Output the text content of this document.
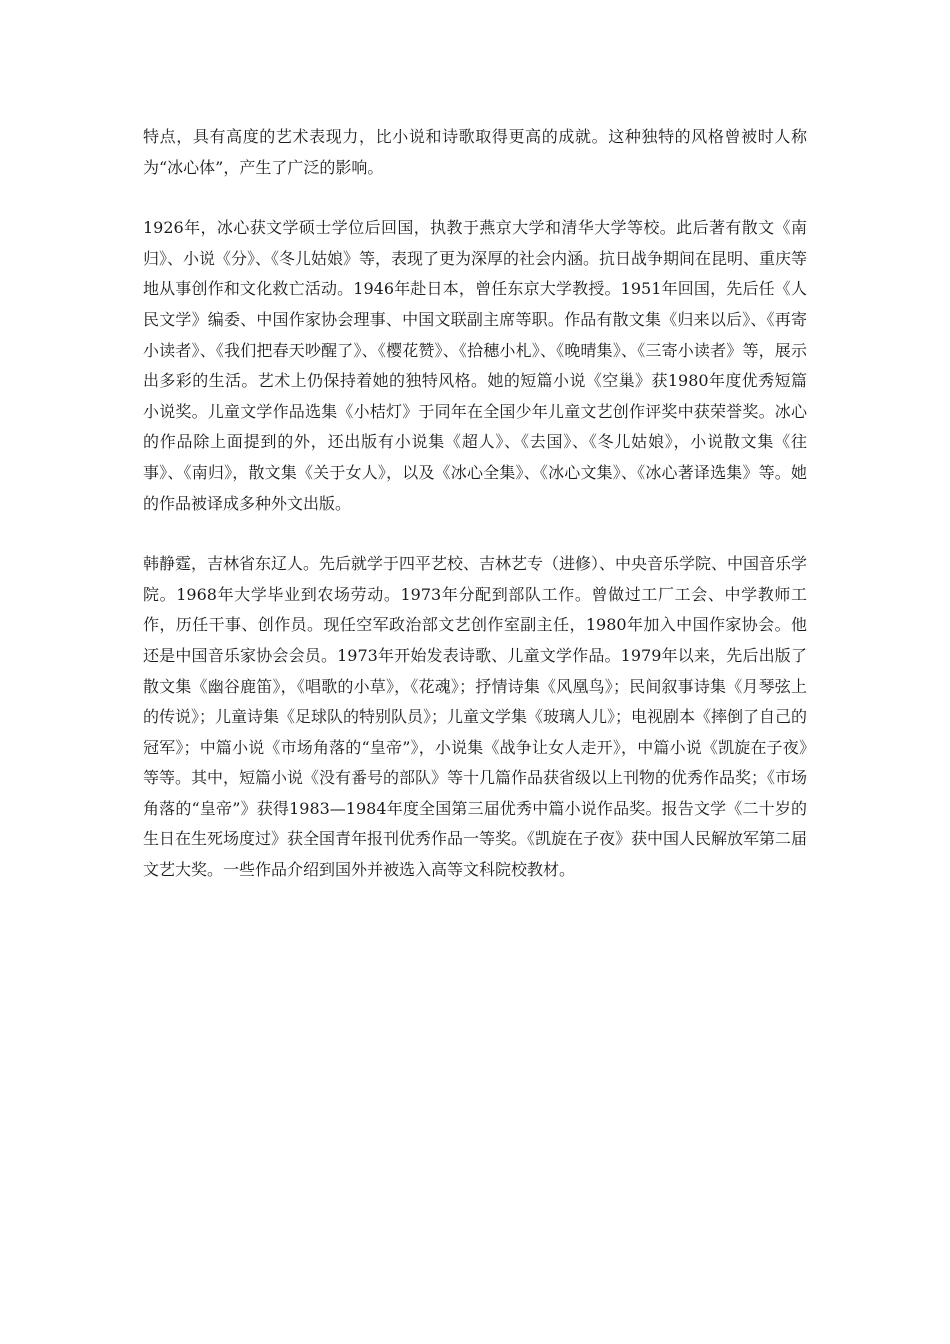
特点，具有高度的艺术表现力，比小说和诗歌取得更高的成就。这种独特的风格曾被时人称为“冰心体”，产生了广泛的影响。

1926年，冰心获文学硕士学位后回国，执教于燕京大学和清华大学等校。此后著有散文《南归》、小说《分》、《冬儿姑娘》等，表现了更为深厚的社会内涵。抗日战争期间在昆明、重庆等地从事创作和文化救亡活动。1946年赴日本，曾任东京大学教授。1951年回国，先后任《人民文学》编委、中国作家协会理事、中国文联副主席等职。作品有散文集《归来以后》、《再寄小读者》、《我们把春天吵醒了》、《樱花赞》、《拾穗小札》、《晚晴集》、《三寄小读者》等，展示出多彩的生活。艺术上仍保持着她的独特风格。她的短篇小说《空巢》获1980年度优秀短篇小说奖。儿童文学作品选集《小桔灯》于同年在全国少年儿童文艺创作评奖中获荣誉奖。冰心的作品除上面提到的外，还出版有小说集《超人》、《去国》、《冬儿姑娘》，小说散文集《往事》、《南归》，散文集《关于女人》，以及《冰心全集》、《冰心文集》、《冰心著译选集》等。她的作品被译成多种外文出版。

韩静霆，吉林省东辽人。先后就学于四平艺校、吉林艺专（进修）、中央音乐学院、中国音乐学院。1968年大学毕业到农场劳动。1973年分配到部队工作。曾做过工厂工会、中学教师工作，历任干事、创作员。现任空军政治部文艺创作室副主任，1980年加入中国作家协会。他还是中国音乐家协会会员。1973年开始发表诗歌、儿童文学作品。1979年以来，先后出版了散文集《幽谷鹿笛》，《唱歌的小草》，《花魂》；抒情诗集《风凰鸟》；民间叙事诗集《月琴弦上的传说》；儿童诗集《足球队的特别队员》；儿童文学集《玻璃人儿》；电视剧本《摔倒了自己的冠军》；中篇小说《市场角落的“皇帝”》，小说集《战争让女人走开》，中篇小说《凯旋在子夜》等等。其中，短篇小说《没有番号的部队》等十几篇作品获省级以上刊物的优秀作品奖；《市场角落的“皇帝”》获得1983—1984年度全国第三届优秀中篇小说作品奖。报告文学《二十岁的生日在生死场度过》获全国青年报刊优秀作品一等奖。《凯旋在子夜》获中国人民解放军第二届文艺大奖。一些作品介绍到国外并被选入高等文科院校教材。
